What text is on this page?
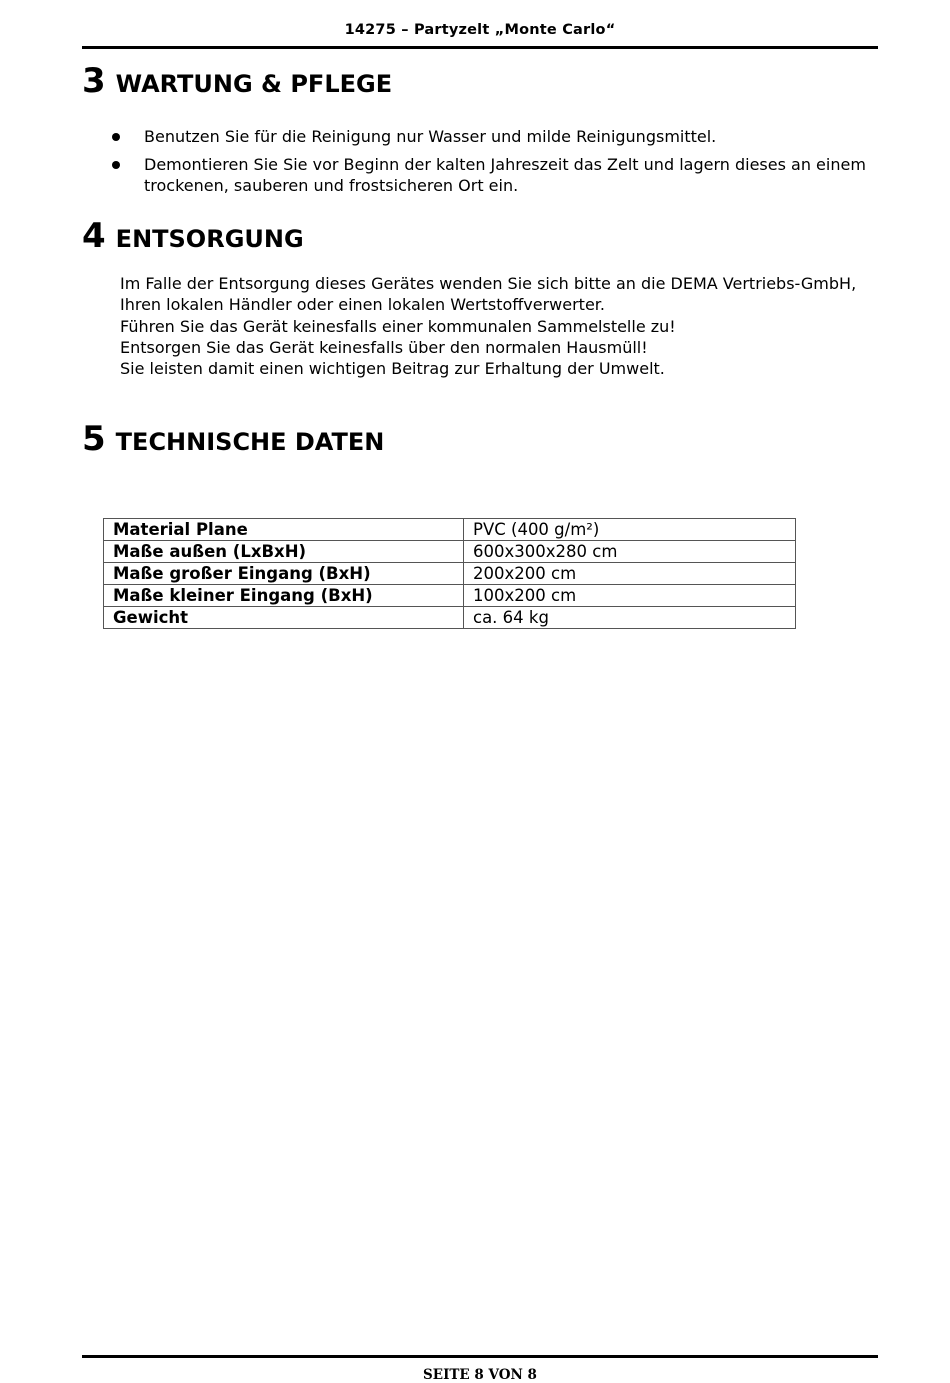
14275 – Partyzelt „Monte Carlo“
3 WARTUNG & PFLEGE
Benutzen Sie für die Reinigung nur Wasser und milde Reinigungsmittel.
Demontieren Sie Sie vor Beginn der kalten Jahreszeit das Zelt und lagern dieses an einem trockenen, sauberen und frostsicheren Ort ein.
4 ENTSORGUNG

Im Falle der Entsorgung dieses Gerätes wenden Sie sich bitte an die DEMA Vertriebs-GmbH, Ihren lokalen Händler oder einen lokalen Wertstoffverwerter.

Führen Sie das Gerät keinesfalls einer kommunalen Sammelstelle zu!

Entsorgen Sie das Gerät keinesfalls über den normalen Hausmüll!

Sie leisten damit einen wichtigen Beitrag zur Erhaltung der Umwelt.

5 TECHNISCHE DATEN
Material Plane	PVC (400 g/m²)
Maße außen (LxBxH)	600x300x280 cm
Maße großer Eingang (BxH)	200x200 cm
Maße kleiner Eingang (BxH)	100x200 cm
Gewicht	ca. 64 kg
SEITE 8 VON 8
